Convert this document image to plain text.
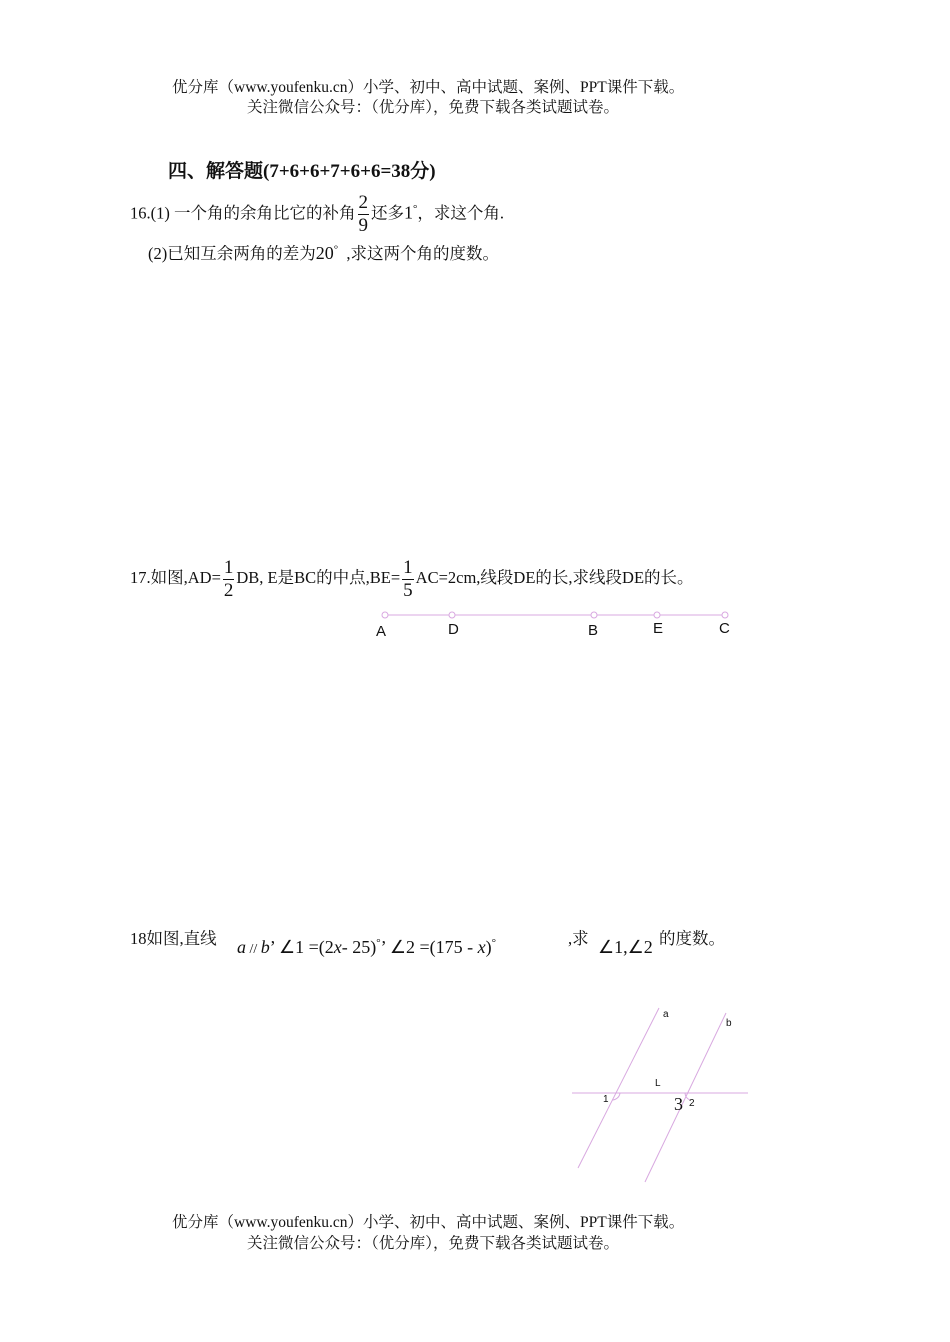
优分库（www.youfenku.cn）小学、初中、高中试题、案例、PPT课件下载。
关注微信公众号：（优分库），免费下载各类试题试卷。
四、解答题(7+6+6+7+6+6=38分)
16.(1) 一个角的余角比它的补角 $\frac{2}{9}$ 还多1°，求这个角.
(2)已知互余两角的差为20° ,求这两个角的度数。
17.如图$,AD= \frac{1}{2}$ DB, E是BC的中点$,BE= \frac{1}{5} AC=2cm$,线段DE的长,求线段DE的长。
A	D	B	E	C
18如图,直线 a // b’ ∠1 =(2x- 25)°’ ∠2 =(175 - x)°	,求 ∠1,∠2 的度数。
a
b
L
1	3 2
优分库（www.youfenku.cn）小学、初中、高中试题、案例、PPT课件下载。
关注微信公众号：（优分库），免费下载各类试题试卷。
